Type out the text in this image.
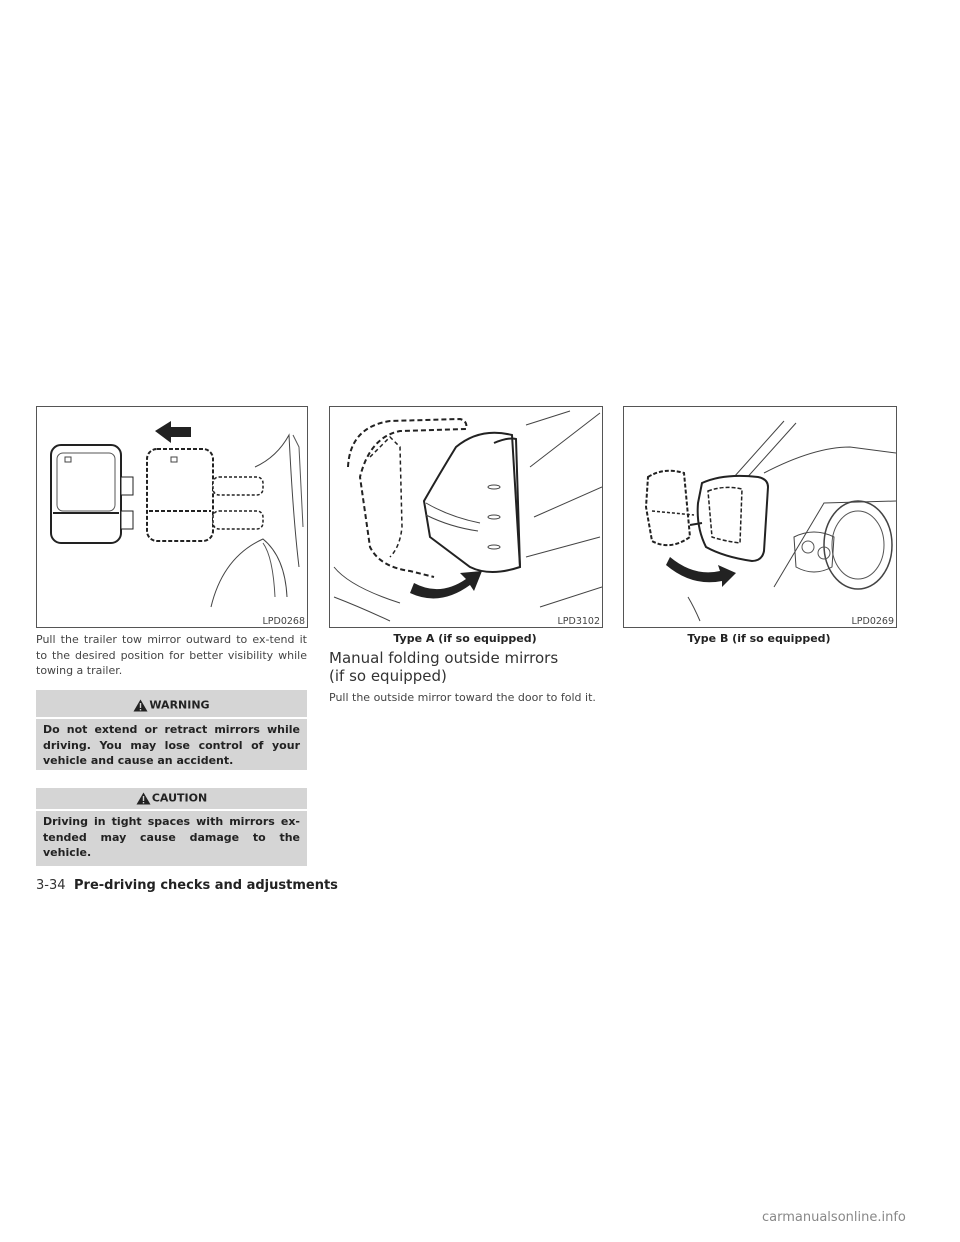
LPD0268	LPD3102
Type A (if so equipped)
LPD0269
Type B (if so equipped)
Pull the trailer tow mirror outward to ex-tend it to the desired position for better visibility while towing a trailer.
WARNING
Do not extend or retract mirrors while driving. You may lose control of your vehicle and cause an accident.
CAUTION
Driving in tight spaces with mirrors ex-tended may cause damage to the vehicle.
Manual folding outside mirrors
(if so equipped)
Pull the outside mirror toward the door to fold it.
3-34 Pre-driving checks and adjustments
carmanualsonline.info
